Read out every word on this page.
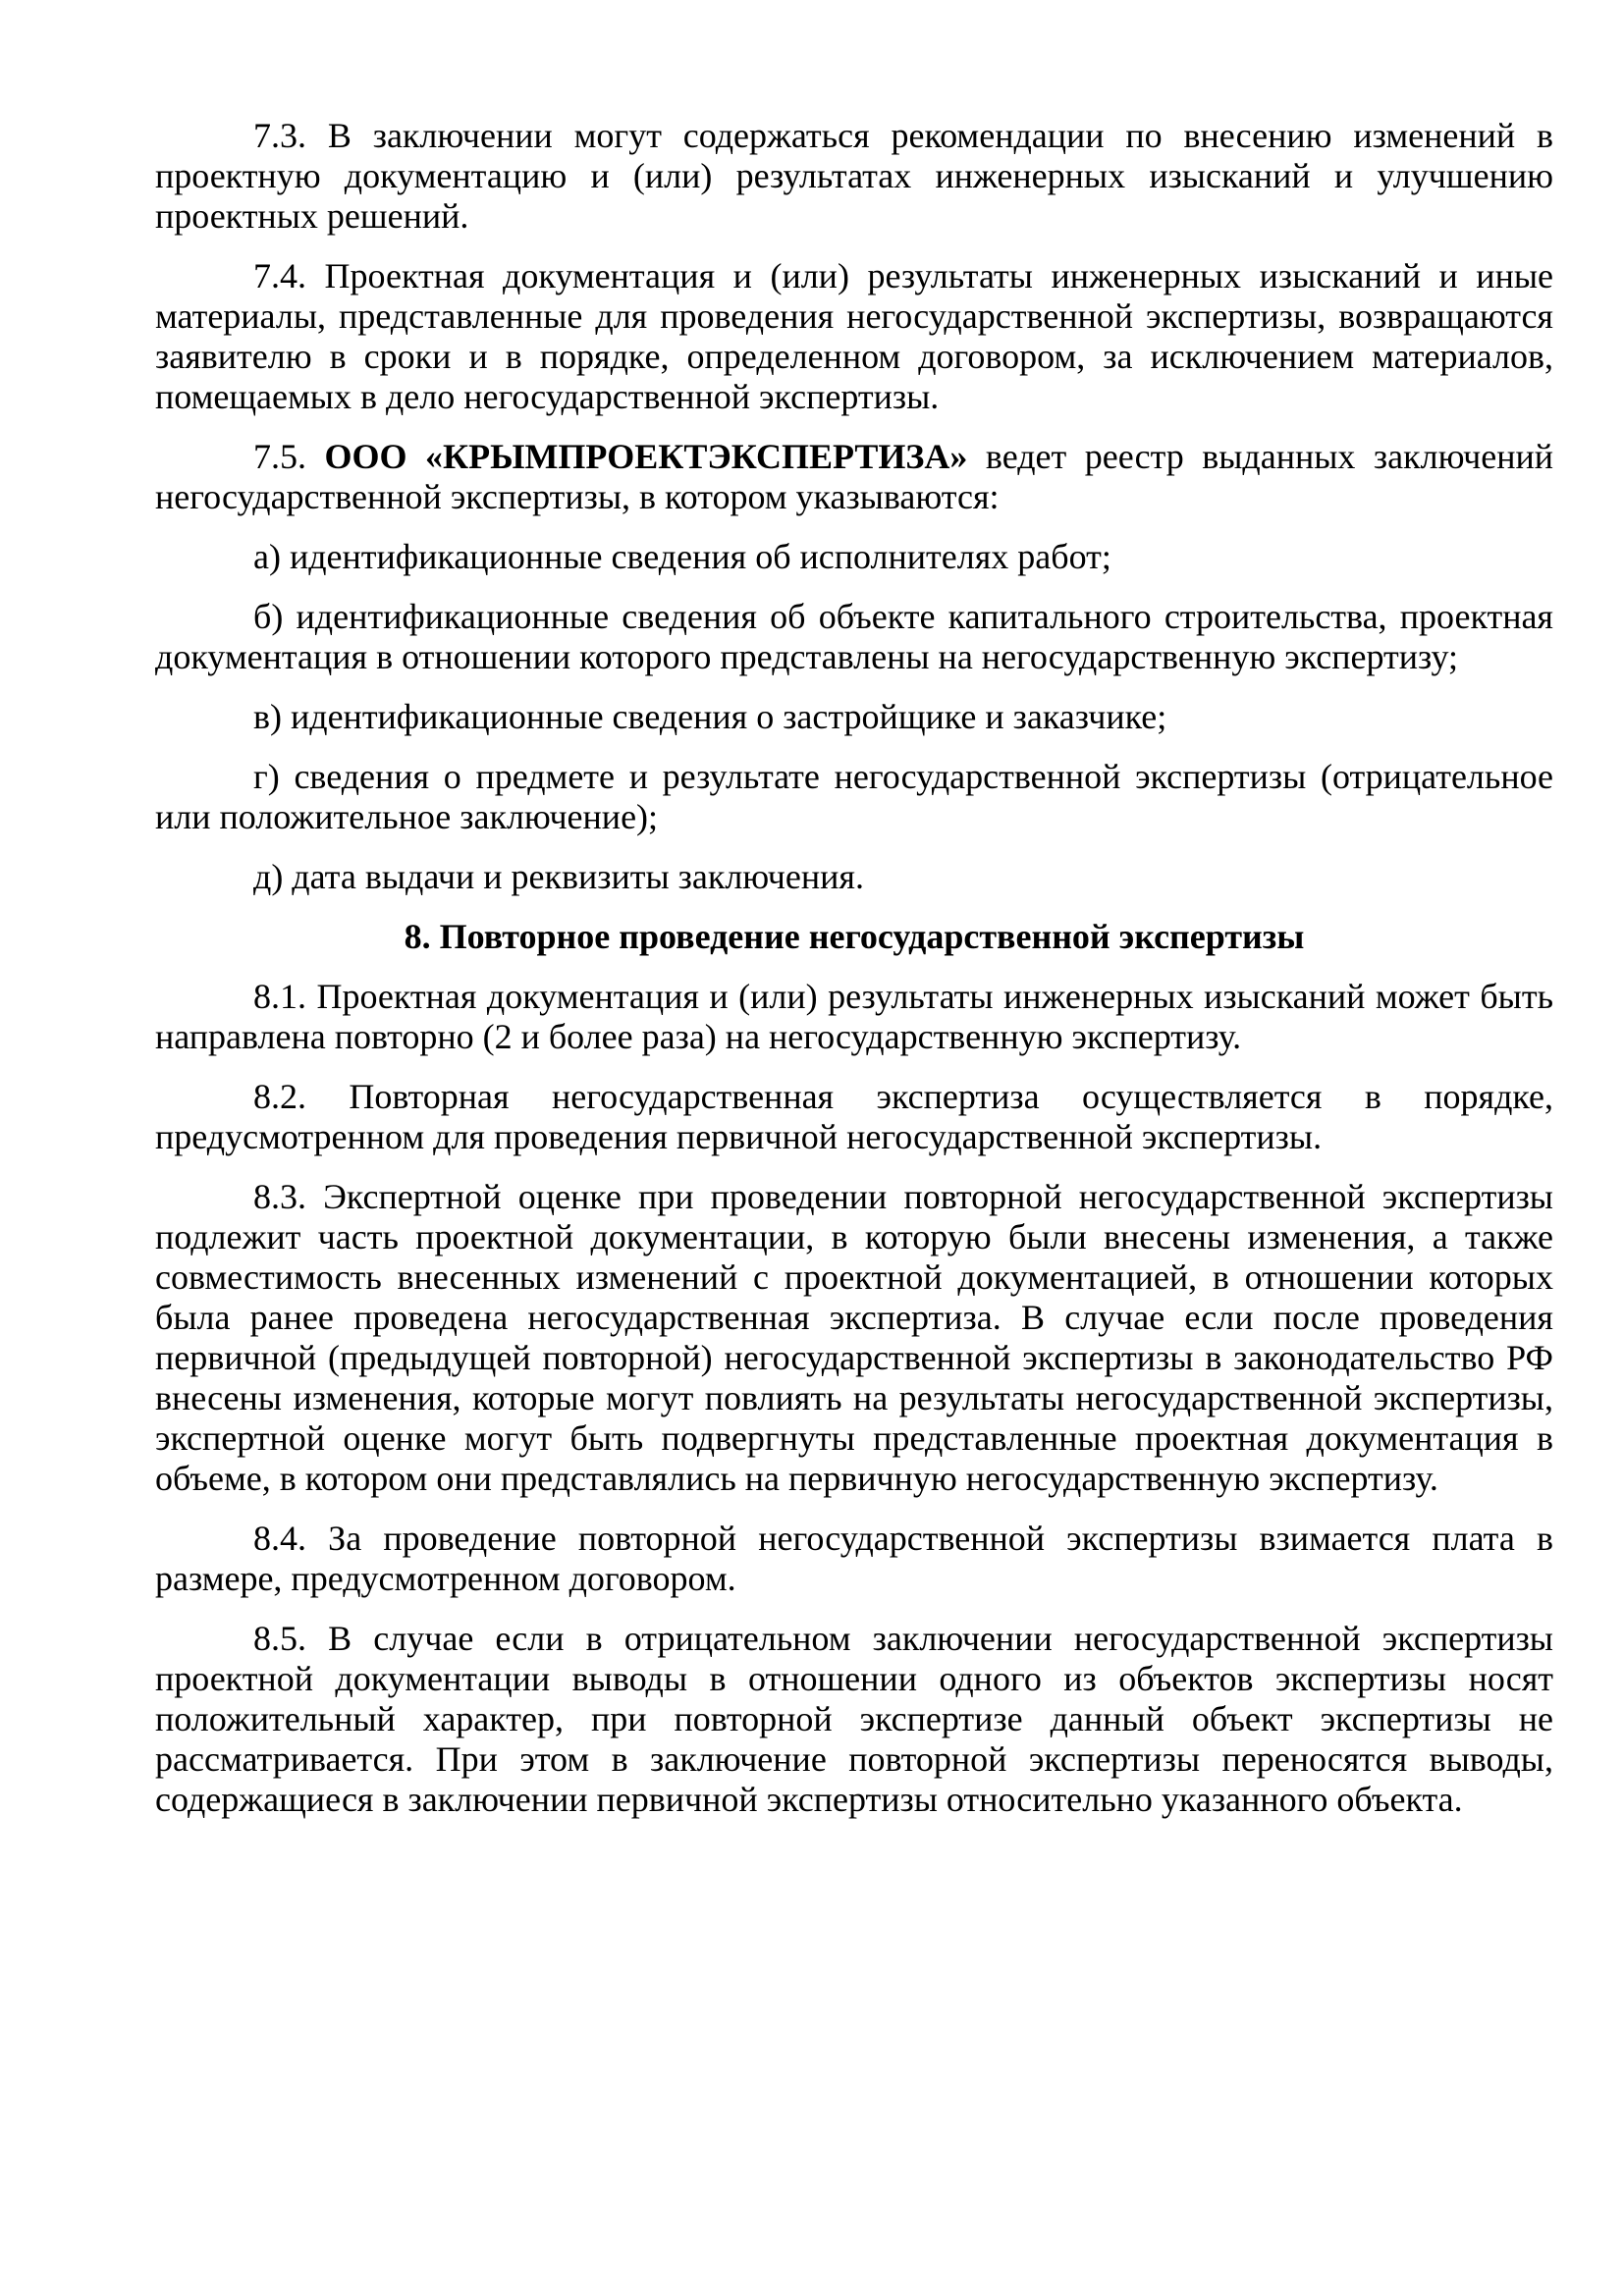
7.3. В заключении могут содержаться рекомендации по внесению изменений в проектную документацию и (или) результатах инженерных изысканий и улучшению проектных решений.

7.4. Проектная документация и (или) результаты инженерных изысканий и иные материалы, представленные для проведения негосударственной экспертизы, возвращаются заявителю в сроки и в порядке, определенном договором, за исключением материалов, помещаемых в дело негосударственной экспертизы.

7.5. ООО «КРЫМПРОЕКТЭКСПЕРТИЗА» ведет реестр выданных заключений негосударственной экспертизы, в котором указываются:

а) идентификационные сведения об исполнителях работ;

б) идентификационные сведения об объекте капитального строительства, проектная документация в отношении которого представлены на негосударственную экспертизу;

в) идентификационные сведения о застройщике и заказчике;

г) сведения о предмете и результате негосударственной экспертизы (отрицательное или положительное заключение);

д) дата выдачи и реквизиты заключения.

8. Повторное проведение негосударственной экспертизы

8.1. Проектная документация и (или) результаты инженерных изысканий может быть направлена повторно (2 и более раза) на негосударственную экспертизу.

8.2. Повторная негосударственная экспертиза осуществляется в порядке, предусмотренном для проведения первичной негосударственной экспертизы.

8.3. Экспертной оценке при проведении повторной негосударственной экспертизы подлежит часть проектной документации, в которую были внесены изменения, а также совместимость внесенных изменений с проектной документацией, в отношении которых была ранее проведена негосударственная экспертиза. В случае если после проведения первичной (предыдущей повторной) негосударственной экспертизы в законодательство РФ внесены изменения, которые могут повлиять на результаты негосударственной экспертизы, экспертной оценке могут быть подвергнуты представленные проектная документация в объеме, в котором они представлялись на первичную негосударственную экспертизу.

8.4. За проведение повторной негосударственной экспертизы взимается плата в размере, предусмотренном договором.

8.5. В случае если в отрицательном заключении негосударственной экспертизы проектной документации выводы в отношении одного из объектов экспертизы носят положительный характер, при повторной экспертизе данный объект экспертизы не рассматривается. При этом в заключение повторной экспертизы переносятся выводы, содержащиеся в заключении первичной экспертизы относительно указанного объекта.
